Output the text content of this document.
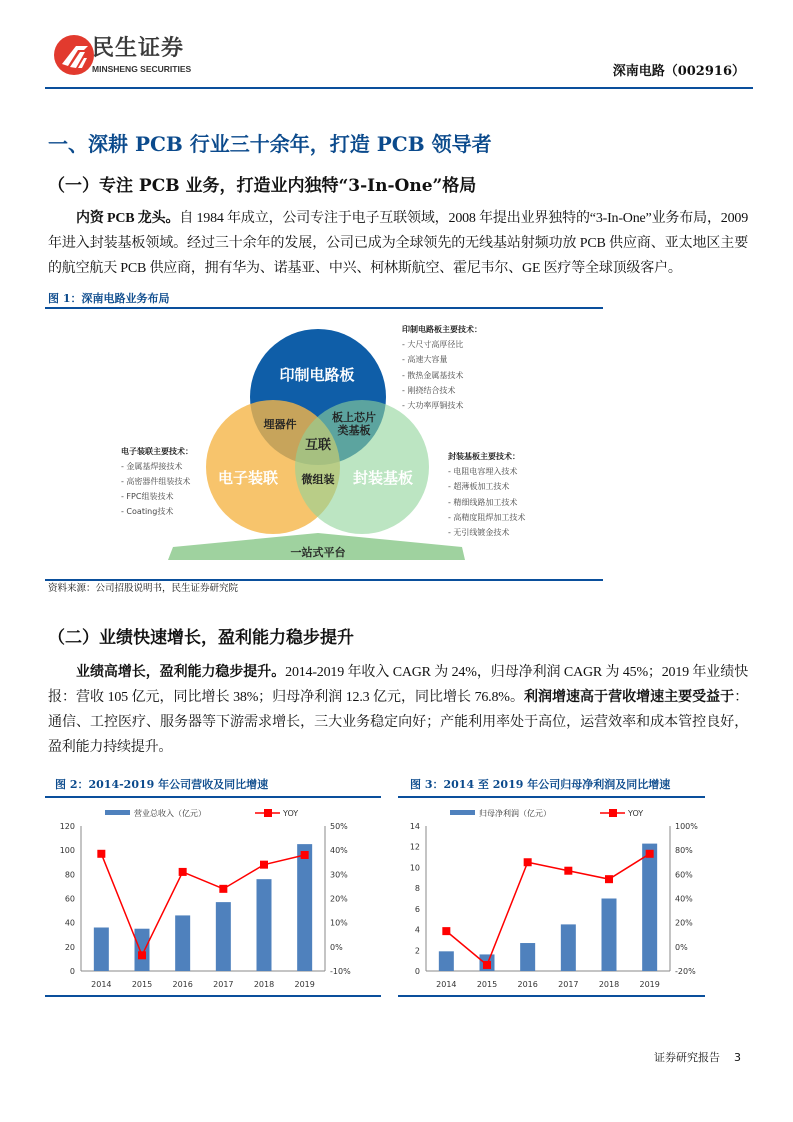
民生证券
MINSHENG SECURITIES	深南电路（002916）
一、深耕 PCB 行业三十余年，打造 PCB 领导者
（一）专注 PCB 业务，打造业内独特“3-In-One”格局
内资 PCB 龙头。自 1984 年成立，公司专注于电子互联领域，2008 年提出业界独特的“3-In-One”业务布局，2009 年进入封装基板领域。经过三十余年的发展，公司已成为全球领先的无线基站射频功放 PCB 供应商、亚太地区主要的航空航天 PCB 供应商，拥有华为、诺基亚、中兴、柯林斯航空、霍尼韦尔、GE 医疗等全球顶级客户。
图 1：深南电路业务布局
印制电路板
电子装联	封装基板
埋器件
板上芯片
类基板
互联
微组装
一站式平台
印制电路板主要技术：
- 大尺寸高厚径比
- 高速大容量
- 散热金属基技术
- 刚挠结合技术
- 大功率厚铜技术
电子装联主要技术：
- 金属基焊接技术
- 高密器件组装技术
- FPC组装技术
- Coating技术
封装基板主要技术：
- 电阻电容埋入技术
- 超薄板加工技术
- 精细线路加工技术
- 高精度阻焊加工技术
- 无引线镀金技术
资料来源：公司招股说明书，民生证券研究院
（二）业绩快速增长，盈利能力稳步提升
业绩高增长，盈利能力稳步提升。2014-2019 年收入 CAGR 为 24%，归母净利润 CAGR 为 45%；2019 年业绩快报：营收 105 亿元，同比增长 38%；归母净利润 12.3 亿元，同比增长 76.8%。利润增速高于营收增速主要受益于：通信、工控医疗、服务器等下游需求增长，三大业务稳定向好；产能利用率处于高位，运营效率和成本管控良好，盈利能力持续提升。
0
20
40
60
80
100
120
-10%
0%
10%
20%
30%
40%
50%
2014	2015	2016	2017	2018	2019
营业总收入（亿元）	YOY
0
2
4
6
8
10
12
14
-20%
0%
20%
40%
60%
80%
100%
2014	2015	2016	2017	2018	2019
归母净利润（亿元）	YOY
图 2：2014-2019 年公司营收及同比增速	图 3：2014 至 2019 年公司归母净利润及同比增速
证券研究报告 3
